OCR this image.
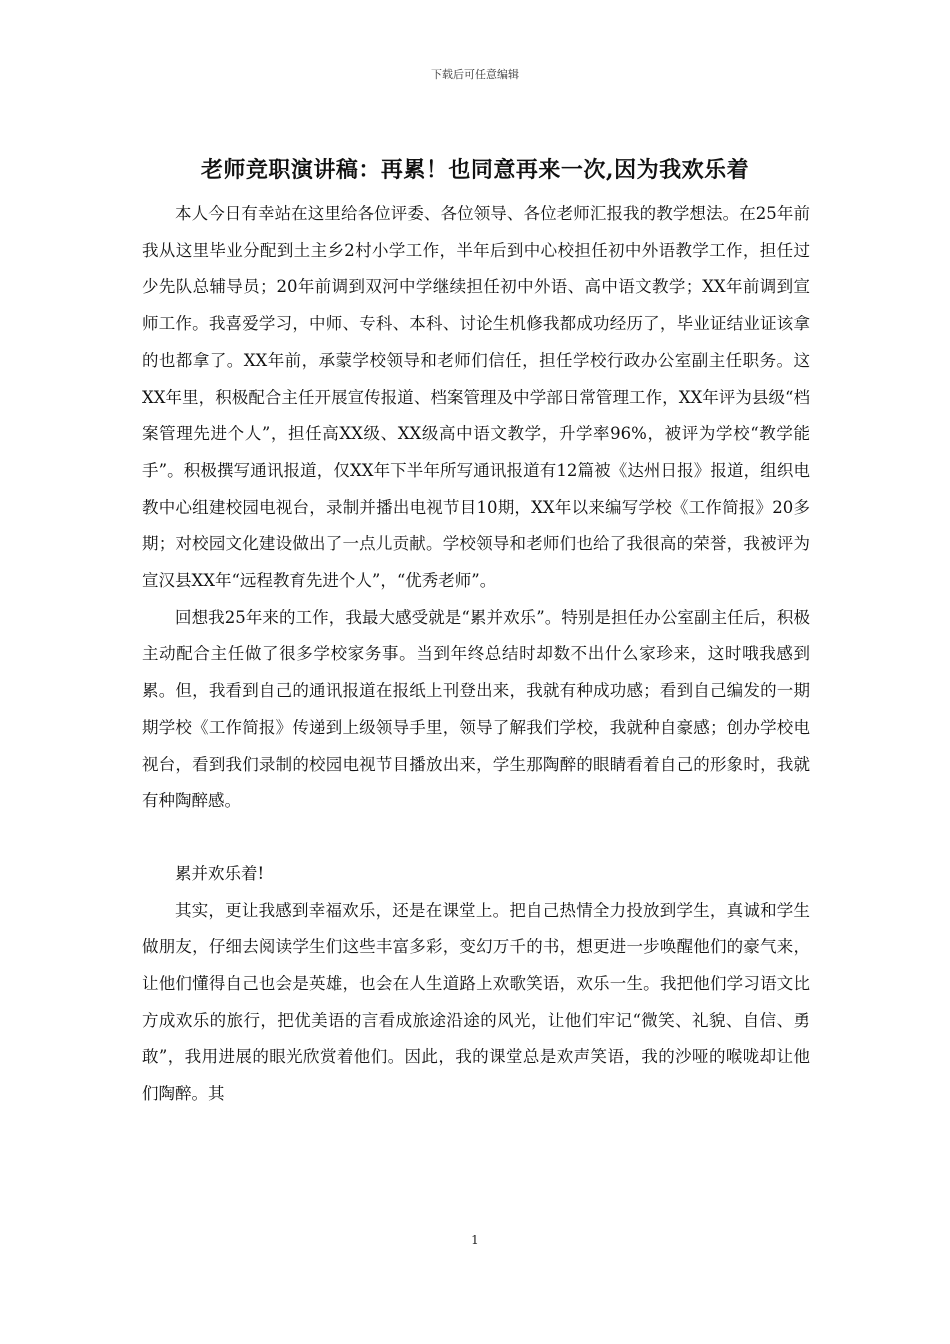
下载后可任意编辑
老师竞职演讲稿：再累！也同意再来一次,因为我欢乐着

本人今日有幸站在这里给各位评委、各位领导、各位老师汇报我的教学想法。在25年前我从这里毕业分配到土主乡2村小学工作，半年后到中心校担任初中外语教学工作，担任过少先队总辅导员；20年前调到双河中学继续担任初中外语、高中语文教学；XX年前调到宣师工作。我喜爱学习，中师、专科、本科、讨论生机修我都成功经历了，毕业证结业证该拿的也都拿了。XX年前，承蒙学校领导和老师们信任，担任学校行政办公室副主任职务。这XX年里，积极配合主任开展宣传报道、档案管理及中学部日常管理工作，XX年评为县级“档案管理先进个人”，担任高XX级、XX级高中语文教学，升学率96%，被评为学校“教学能手”。积极撰写通讯报道，仅XX年下半年所写通讯报道有12篇被《达州日报》报道，组织电教中心组建校园电视台，录制并播出电视节目10期，XX年以来编写学校《工作简报》20多期；对校园文化建设做出了一点儿贡献。学校领导和老师们也给了我很高的荣誉，我被评为宣汉县XX年“远程教育先进个人”，“优秀老师”。

回想我25年来的工作，我最大感受就是“累并欢乐”。特别是担任办公室副主任后，积极主动配合主任做了很多学校家务事。当到年终总结时却数不出什么家珍来，这时哦我感到累。但，我看到自己的通讯报道在报纸上刊登出来，我就有种成功感；看到自己编发的一期期学校《工作简报》传递到上级领导手里，领导了解我们学校，我就种自豪感；创办学校电视台，看到我们录制的校园电视节目播放出来，学生那陶醉的眼睛看着自己的形象时，我就有种陶醉感。

累并欢乐着!

其实，更让我感到幸福欢乐，还是在课堂上。把自己热情全力投放到学生，真诚和学生做朋友，仔细去阅读学生们这些丰富多彩，变幻万千的书，想更进一步唤醒他们的豪气来，让他们懂得自己也会是英雄，也会在人生道路上欢歌笑语，欢乐一生。我把他们学习语文比方成欢乐的旅行，把优美语的言看成旅途沿途的风光，让他们牢记“微笑、礼貌、自信、勇敢”，我用进展的眼光欣赏着他们。因此，我的课堂总是欢声笑语，我的沙哑的喉咙却让他们陶醉。其

1
